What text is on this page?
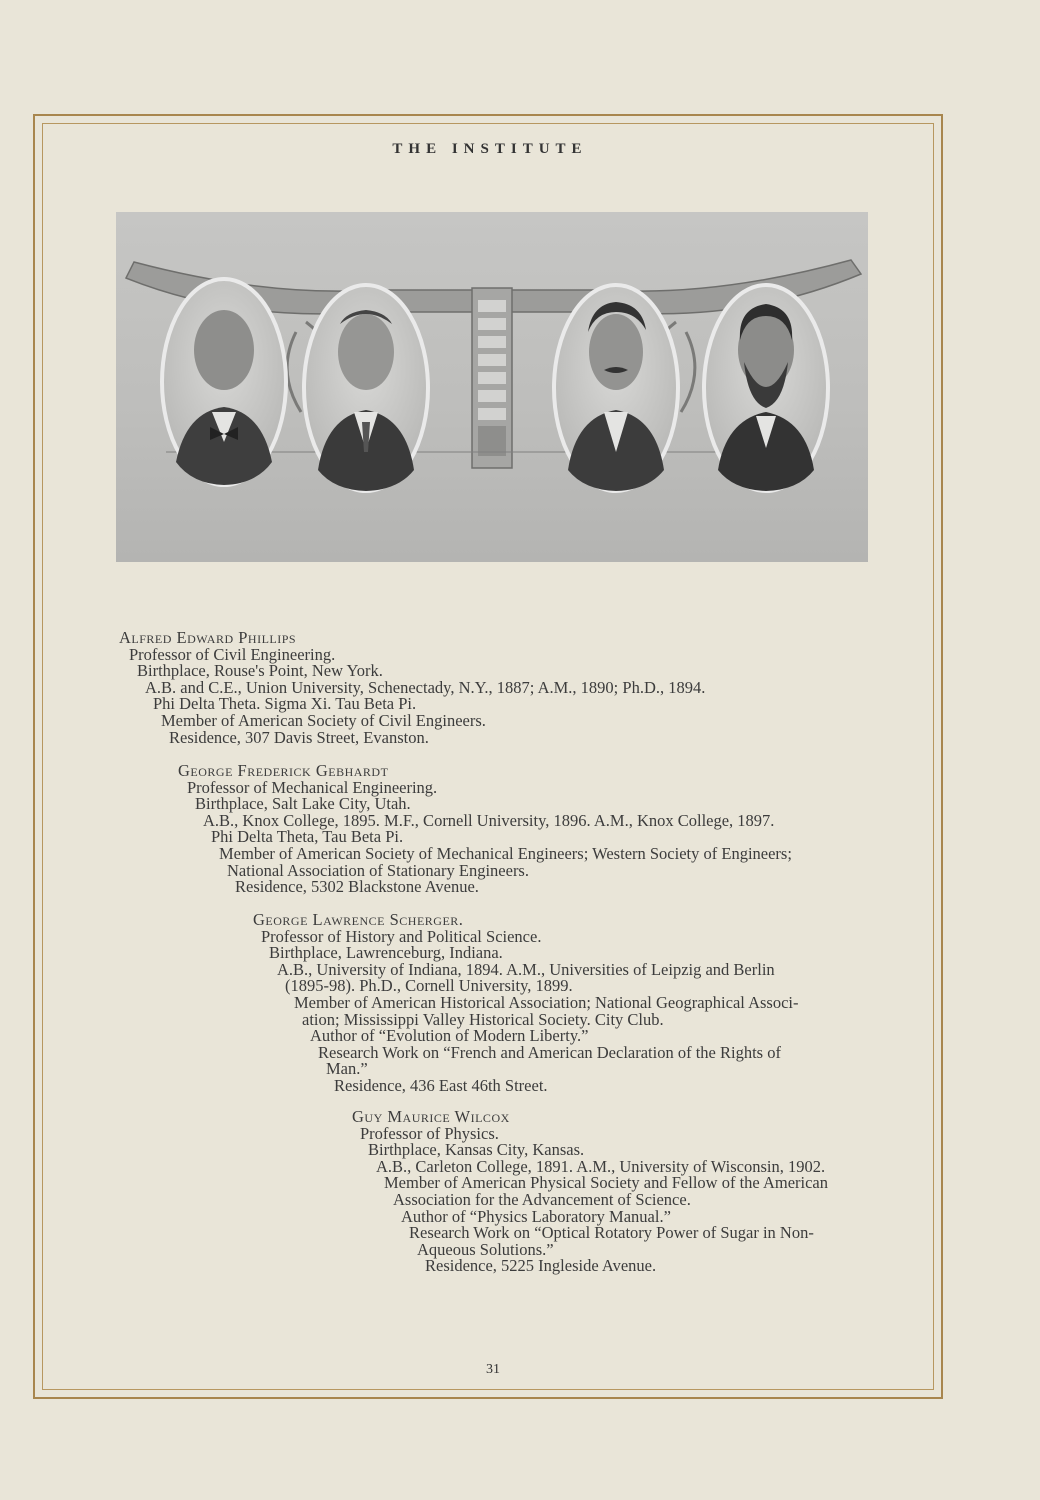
THE INSTITUTE
Alfred Edward Phillips
Professor of Civil Engineering.
Birthplace, Rouse's Point, New York.
A.B. and C.E., Union University, Schenectady, N.Y., 1887; A.M., 1890; Ph.D., 1894.
Phi Delta Theta. Sigma Xi. Tau Beta Pi.
Member of American Society of Civil Engineers.
Residence, 307 Davis Street, Evanston.
George Frederick Gebhardt
Professor of Mechanical Engineering.
Birthplace, Salt Lake City, Utah.
A.B., Knox College, 1895. M.F., Cornell University, 1896. A.M., Knox College, 1897.
Phi Delta Theta, Tau Beta Pi.
Member of American Society of Mechanical Engineers; Western Society of Engineers;
National Association of Stationary Engineers.
Residence, 5302 Blackstone Avenue.
George Lawrence Scherger.
Professor of History and Political Science.
Birthplace, Lawrenceburg, Indiana.
A.B., University of Indiana, 1894. A.M., Universities of Leipzig and Berlin
(1895-98). Ph.D., Cornell University, 1899.
Member of American Historical Association; National Geographical Associ-
ation; Mississippi Valley Historical Society. City Club.
Author of “Evolution of Modern Liberty.”
Research Work on “French and American Declaration of the Rights of
Man.”
Residence, 436 East 46th Street.
Guy Maurice Wilcox
Professor of Physics.
Birthplace, Kansas City, Kansas.
A.B., Carleton College, 1891. A.M., University of Wisconsin, 1902.
Member of American Physical Society and Fellow of the American
Association for the Advancement of Science.
Author of “Physics Laboratory Manual.”
Research Work on “Optical Rotatory Power of Sugar in Non-
Aqueous Solutions.”
Residence, 5225 Ingleside Avenue.
31
